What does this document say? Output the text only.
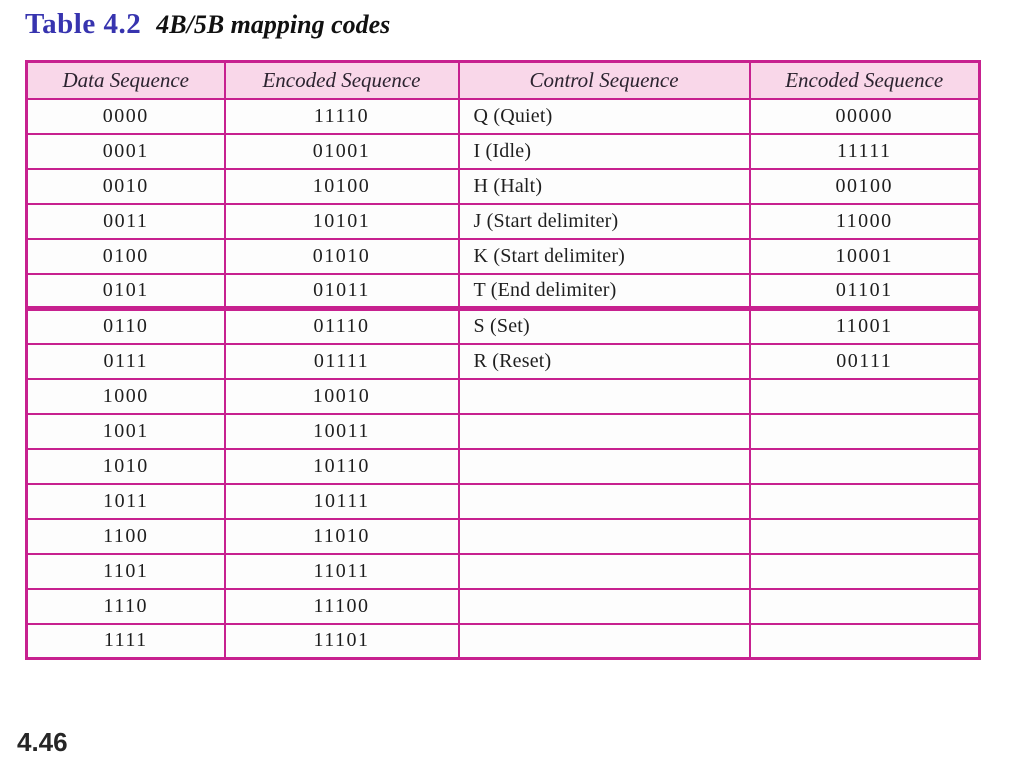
Table 4.2 4B/5B mapping codes
Data Sequence	Encoded Sequence	Control Sequence	Encoded Sequence
0000	11110	Q (Quiet)	00000
0001	01001	I (Idle)	11111
0010	10100	H (Halt)	00100
0011	10101	J (Start delimiter)	11000
0100	01010	K (Start delimiter)	10001
0101	01011	T (End delimiter)	01101
0110	01110	S (Set)	11001
0111	01111	R (Reset)	00111
1000	10010		
1001	10011		
1010	10110		
1011	10111		
1100	11010		
1101	11011		
1110	11100		
1111	11101		
4.46
